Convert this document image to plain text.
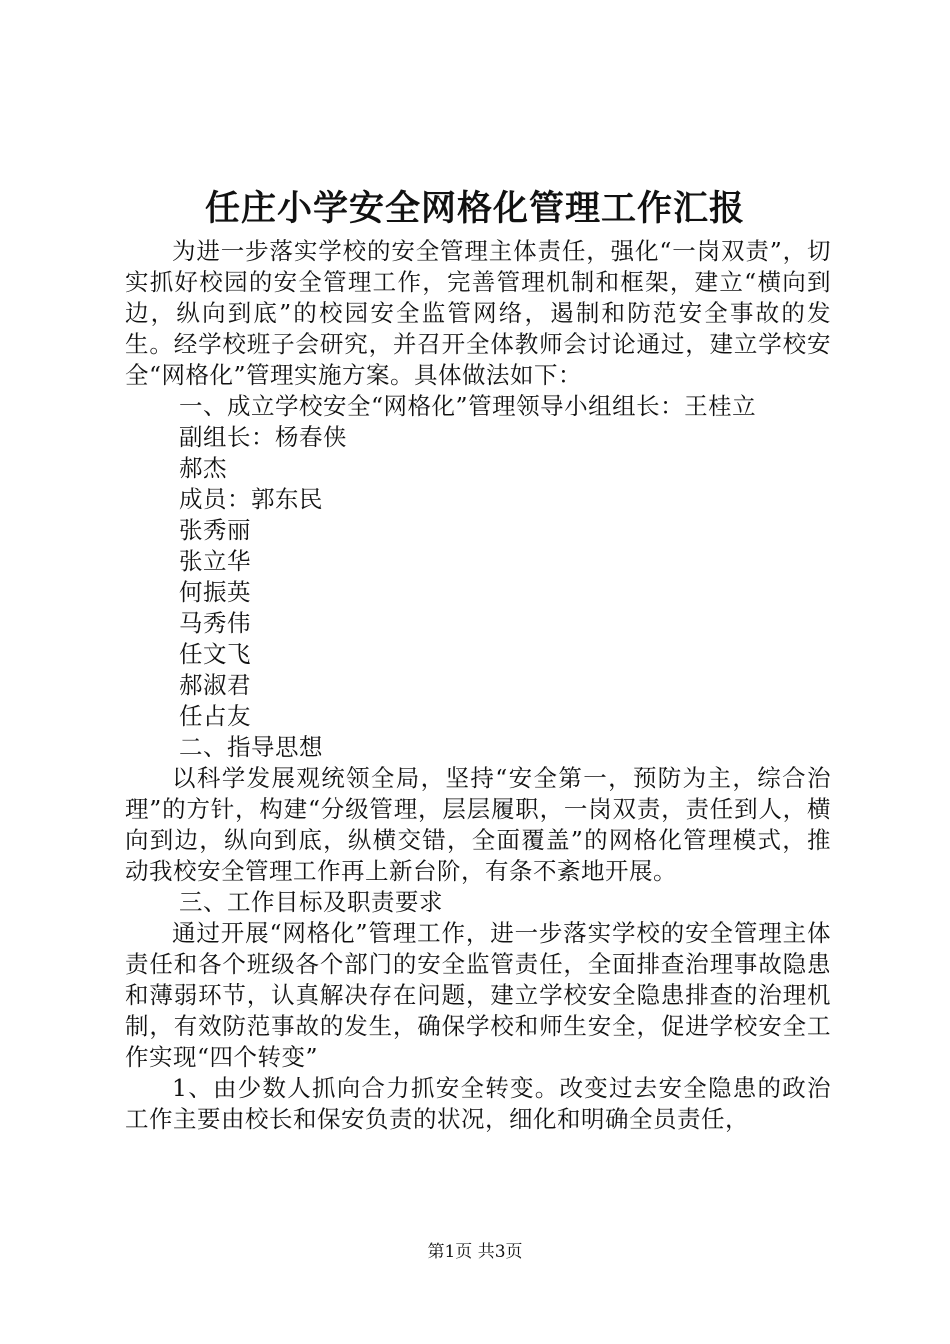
任庄小学安全网格化管理工作汇报

为进一步落实学校的安全管理主体责任，强化“一岗双责”，切实抓好校园的安全管理工作，完善管理机制和框架，建立“横向到边，纵向到底”的校园安全监管网络，遏制和防范安全事故的发生。经学校班子会研究，并召开全体教师会讨论通过，建立学校安全“网格化”管理实施方案。具体做法如下：

一、成立学校安全“网格化”管理领导小组组长：王桂立

副组长：杨春侠

郝杰

成员：郭东民

张秀丽

张立华

何振英

马秀伟

任文飞

郝淑君

任占友

二、指导思想

以科学发展观统领全局，坚持“安全第一，预防为主，综合治理”的方针，构建“分级管理，层层履职，一岗双责，责任到人，横向到边，纵向到底，纵横交错，全面覆盖”的网格化管理模式，推动我校安全管理工作再上新台阶，有条不紊地开展。

三、工作目标及职责要求

通过开展“网格化”管理工作，进一步落实学校的安全管理主体责任和各个班级各个部门的安全监管责任，全面排查治理事故隐患和薄弱环节，认真解决存在问题，建立学校安全隐患排查的治理机制，有效防范事故的发生，确保学校和师生安全，促进学校安全工作实现“四个转变”

1、由少数人抓向合力抓安全转变。改变过去安全隐患的政治工作主要由校长和保安负责的状况，细化和明确全员责任，

第1页 共3页
